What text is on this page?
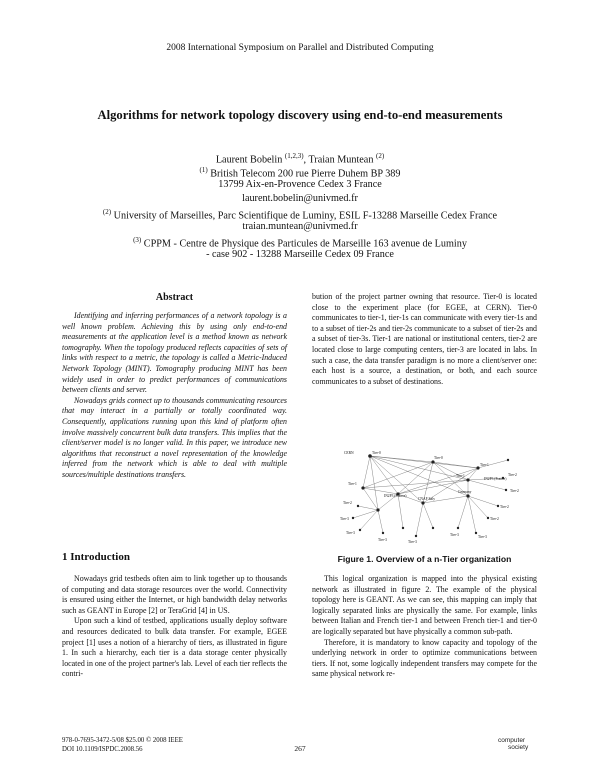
2008 International Symposium on Parallel and Distributed Computing
Algorithms for network topology discovery using end-to-end measurements
Laurent Bobelin $^{(1,2,3)}$, Traian Muntean $^{(2)}$
$^{(1)}$ British Telecom 200 rue Pierre Duhem BP 389
13799 Aix-en-Provence Cedex 3 France
laurent.bobelin@univmed.fr
$^{(2)}$ University of Marseilles, Parc Scientifique de Luminy, ESIL F-13288 Marseille Cedex France
traian.muntean@univmed.fr
$^{(3)}$ CPPM - Centre de Physique des Particules de Marseille 163 avenue de Luminy
- case 902 - 13288 Marseille Cedex 09 France
Abstract

Identifying and inferring performances of a network topology is a well known problem. Achieving this by using only end-to-end measurements at the application level is a method known as network tomography. When the topology produced reflects capacities of sets of links with respect to a metric, the topology is called a Metric-Induced Network Topology (MINT). Tomography producing MINT has been widely used in order to predict performances of communications between clients and server.

Nowadays grids connect up to thousands communicating resources that may interact in a partially or totally coordinated way. Consequently, applications running upon this kind of platform often involve massively concurrent bulk data transfers. This implies that the client/server model is no longer valid. In this paper, we introduce new algorithms that reconstruct a novel representation of the knowledge inferred from the network which is able to deal with multiple sources/multiple destinations transfers.

bution of the project partner owning that resource. Tier-0 is located close to the experiment place (for EGEE, at CERN). Tier-0 communicates to tier-1, tier-1s can communicate with every tier-1s and to a subset of tier-2s and tier-2s communicate to a subset of tier-2s and a subset of tier-3s. Tier-1 are national or institutional centers, tier-2 are located close to large computing centers, tier-3 are located in labs. In such a case, the data transfer paradigm is no more a client/server one: each host is a source, a destination, or both, and each source communicates to a subset of destinations.

CERN	Tier-0
Tier-0
Tier-1
Tier-1
Tier-1
IN2P3 (France)
Tier-2
Tier-2
Tier-2
Tier-2
Tier-2
Tier-3
Tier-3
Tier-3	Tier-3
Tier-3	Tier-3
IN2P3 (France)
CNAF Italy
Germany
Figure 1. Overview of a n-Tier organization
1 Introduction

Nowadays grid testbeds often aim to link together up to thousands of computing and data storage resources over the world. Connectivity is ensured using either the Internet, or high bandwidth delay networks such as GEANT in Europe [2] or TeraGrid [4] in US.

Upon such a kind of testbed, applications usually deploy software and resources dedicated to bulk data transfer. For example, EGEE project [1] uses a notion of a hierarchy of tiers, as illustrated in figure 1. In such a hierarchy, each tier is a data storage center physically located in one of the project partner's lab. Level of each tier reflects the contri-

This logical organization is mapped into the physical existing network as illustrated in figure 2. The example of the physical topology here is GEANT. As we can see, this mapping can imply that logically separated links are physically the same. For example, links between Italian and French tier-1 and between French tier-1 and tier-0 are logically separated but have physically a common sub-path.

Therefore, it is mandatory to know capacity and topology of the underlying network in order to optimize communications between tiers. If not, some logically independent transfers may compete for the same physical network re-

978-0-7695-3472-5/08 $25.00 © 2008 IEEE
DOI 10.1109/ISPDC.2008.56	267
computer
society
